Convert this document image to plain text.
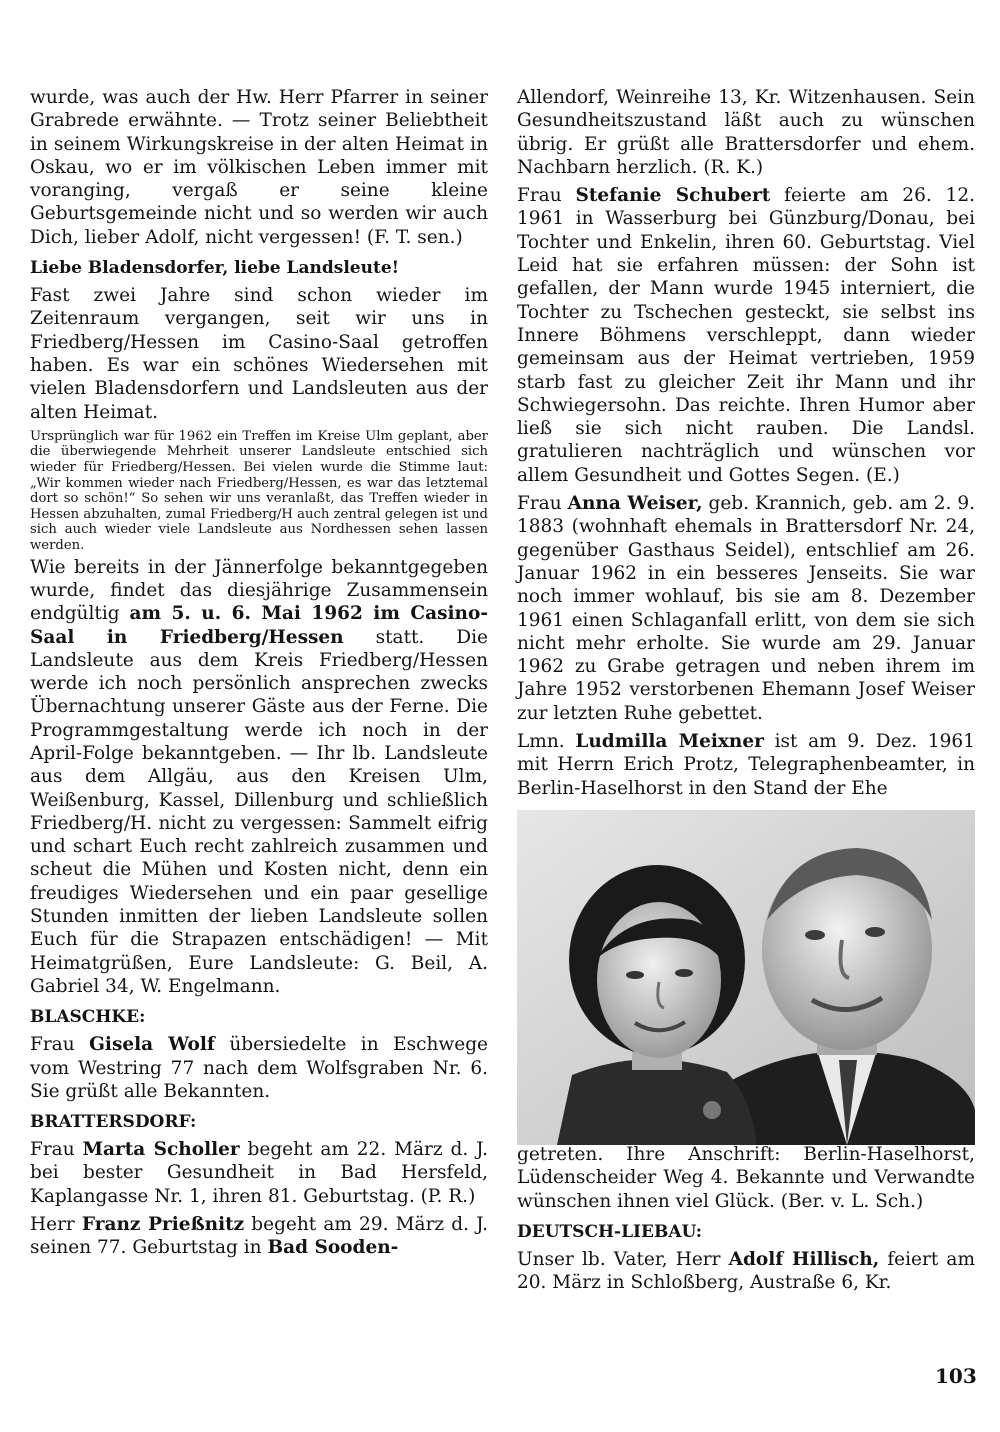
wurde, was auch der Hw. Herr Pfarrer in seiner Grabrede erwähnte. — Trotz seiner Beliebtheit in seinem Wirkungskreise in der alten Heimat in Oskau, wo er im völkischen Leben immer mit voranging, vergaß er seine kleine Geburtsgemeinde nicht und so werden wir auch Dich, lieber Adolf, nicht vergessen! (F. T. sen.)

Liebe Bladensdorfer, liebe Landsleute!

Fast zwei Jahre sind schon wieder im Zeitenraum vergangen, seit wir uns in Friedberg/Hessen im Casino-Saal getroffen haben. Es war ein schönes Wiedersehen mit vielen Bladensdorfern und Landsleuten aus der alten Heimat.

Ursprünglich war für 1962 ein Treffen im Kreise Ulm geplant, aber die überwiegende Mehrheit unserer Landsleute entschied sich wieder für Friedberg/Hessen. Bei vielen wurde die Stimme laut: „Wir kommen wieder nach Friedberg/Hessen, es war das letztemal dort so schön!“ So sehen wir uns veranlaßt, das Treffen wieder in Hessen abzuhalten, zumal Friedberg/H auch zentral gelegen ist und sich auch wieder viele Landsleute aus Nordhessen sehen lassen werden.

Wie bereits in der Jännerfolge bekanntgegeben wurde, findet das diesjährige Zusammensein endgültig am 5. u. 6. Mai 1962 im Casino-Saal in Friedberg/Hessen statt. Die Landsleute aus dem Kreis Friedberg/Hessen werde ich noch persönlich ansprechen zwecks Übernachtung unserer Gäste aus der Ferne. Die Programmgestaltung werde ich noch in der April-Folge bekanntgeben. — Ihr lb. Landsleute aus dem Allgäu, aus den Kreisen Ulm, Weißenburg, Kassel, Dillenburg und schließlich Friedberg/H. nicht zu vergessen: Sammelt eifrig und schart Euch recht zahlreich zusammen und scheut die Mühen und Kosten nicht, denn ein freudiges Wiedersehen und ein paar gesellige Stunden inmitten der lieben Landsleute sollen Euch für die Strapazen entschädigen! — Mit Heimatgrüßen, Eure Landsleute: G. Beil, A. Gabriel 34, W. Engelmann.

BLASCHKE:

Frau Gisela Wolf übersiedelte in Eschwege vom Westring 77 nach dem Wolfsgraben Nr. 6. Sie grüßt alle Bekannten.

BRATTERSDORF:

Frau Marta Scholler begeht am 22. März d. J. bei bester Gesundheit in Bad Hersfeld, Kaplangasse Nr. 1, ihren 81. Geburtstag. (P. R.)

Herr Franz Prießnitz begeht am 29. März d. J. seinen 77. Geburtstag in Bad Sooden-

Allendorf, Weinreihe 13, Kr. Witzenhausen. Sein Gesundheitszustand läßt auch zu wünschen übrig. Er grüßt alle Brattersdorfer und ehem. Nachbarn herzlich. (R. K.)

Frau Stefanie Schubert feierte am 26. 12. 1961 in Wasserburg bei Günzburg/Donau, bei Tochter und Enkelin, ihren 60. Geburtstag. Viel Leid hat sie erfahren müssen: der Sohn ist gefallen, der Mann wurde 1945 interniert, die Tochter zu Tschechen gesteckt, sie selbst ins Innere Böhmens verschleppt, dann wieder gemeinsam aus der Heimat vertrieben, 1959 starb fast zu gleicher Zeit ihr Mann und ihr Schwiegersohn. Das reichte. Ihren Humor aber ließ sie sich nicht rauben. Die Landsl. gratulieren nachträglich und wünschen vor allem Gesundheit und Gottes Segen. (E.)

Frau Anna Weiser, geb. Krannich, geb. am 2. 9. 1883 (wohnhaft ehemals in Brattersdorf Nr. 24, gegenüber Gasthaus Seidel), entschlief am 26. Januar 1962 in ein besseres Jenseits. Sie war noch immer wohlauf, bis sie am 8. Dezember 1961 einen Schlaganfall erlitt, von dem sie sich nicht mehr erholte. Sie wurde am 29. Januar 1962 zu Grabe getragen und neben ihrem im Jahre 1952 verstorbenen Ehemann Josef Weiser zur letzten Ruhe gebettet.

Lmn. Ludmilla Meixner ist am 9. Dez. 1961 mit Herrn Erich Protz, Telegraphenbeamter, in Berlin-Haselhorst in den Stand der Ehe

getreten. Ihre Anschrift: Berlin-Haselhorst, Lüdenscheider Weg 4. Bekannte und Verwandte wünschen ihnen viel Glück. (Ber. v. L. Sch.)

DEUTSCH-LIEBAU:

Unser lb. Vater, Herr Adolf Hillisch, feiert am 20. März in Schloßberg, Austraße 6, Kr.

103
